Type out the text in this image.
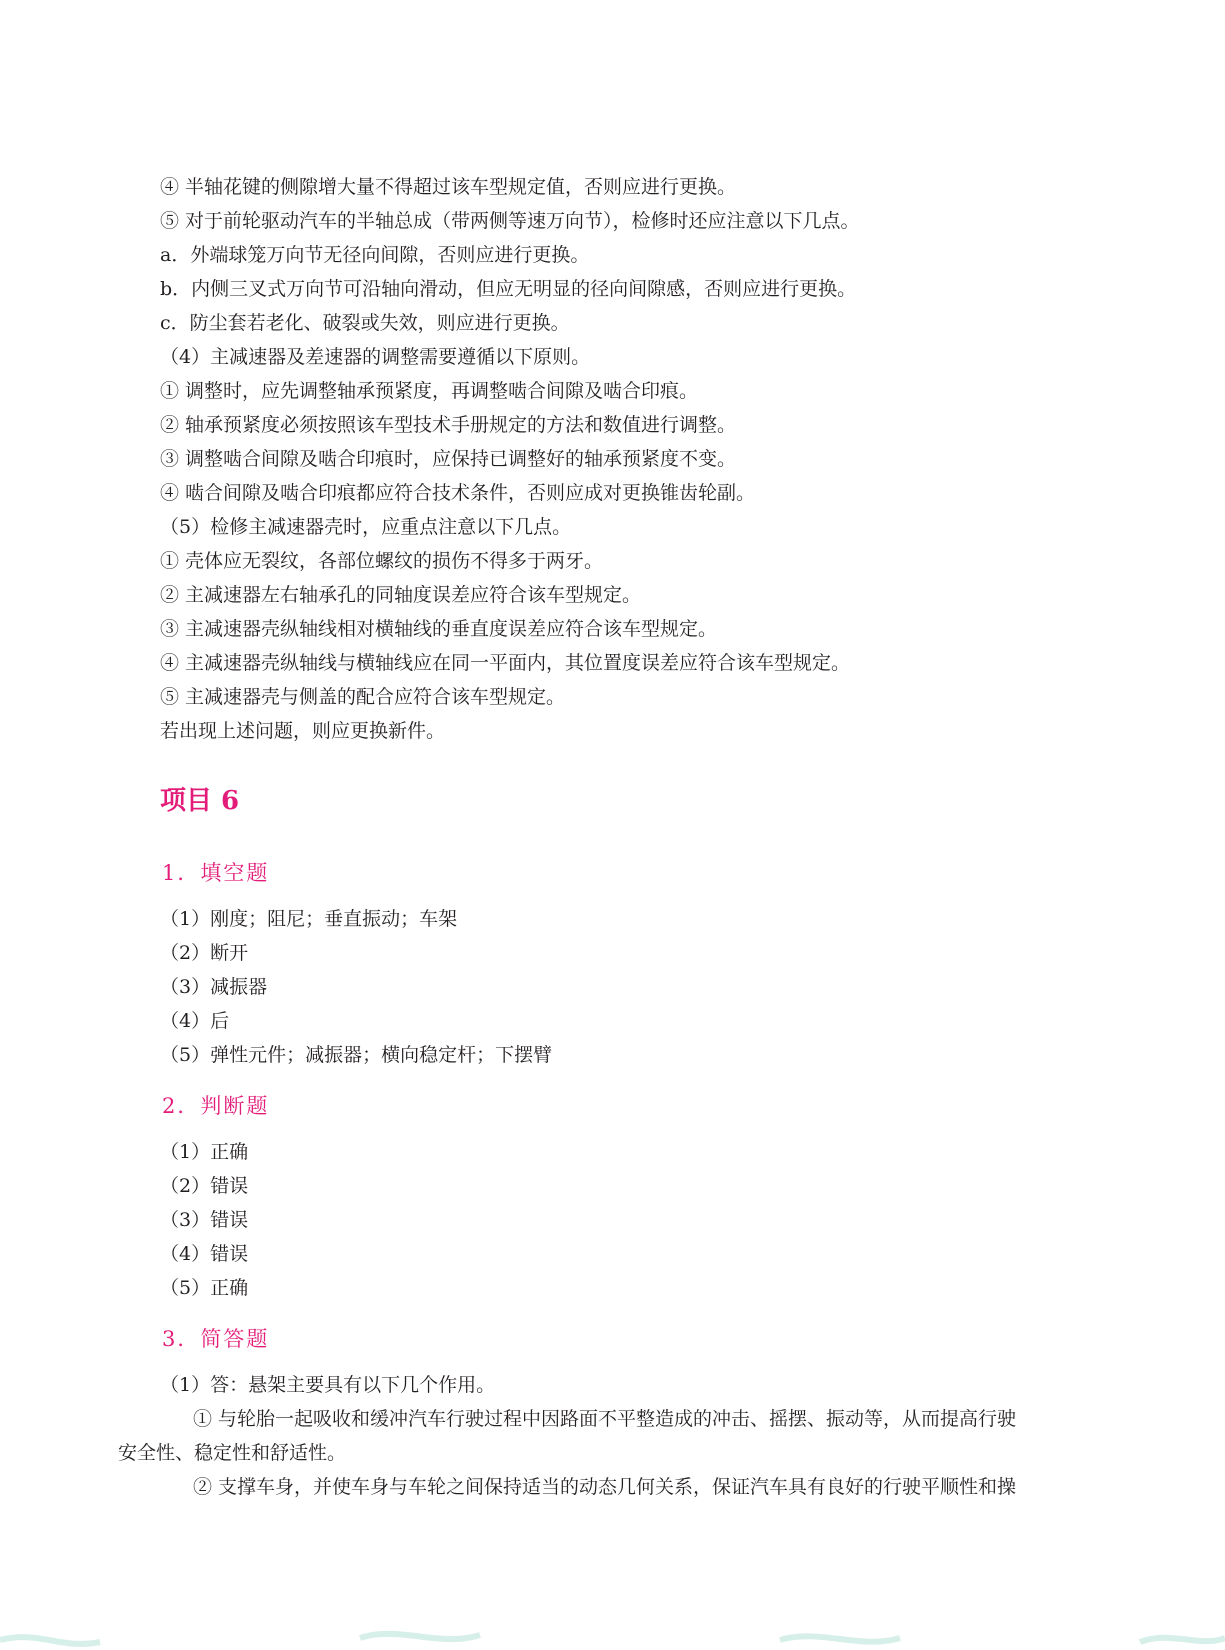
④ 半轴花键的侧隙增大量不得超过该车型规定值，否则应进行更换。
⑤ 对于前轮驱动汽车的半轴总成（带两侧等速万向节），检修时还应注意以下几点。
a．外端球笼万向节无径向间隙，否则应进行更换。
b．内侧三叉式万向节可沿轴向滑动，但应无明显的径向间隙感，否则应进行更换。
c．防尘套若老化、破裂或失效，则应进行更换。
（4）主减速器及差速器的调整需要遵循以下原则。
① 调整时，应先调整轴承预紧度，再调整啮合间隙及啮合印痕。
② 轴承预紧度必须按照该车型技术手册规定的方法和数值进行调整。
③ 调整啮合间隙及啮合印痕时，应保持已调整好的轴承预紧度不变。
④ 啮合间隙及啮合印痕都应符合技术条件，否则应成对更换锥齿轮副。
（5）检修主减速器壳时，应重点注意以下几点。
① 壳体应无裂纹，各部位螺纹的损伤不得多于两牙。
② 主减速器左右轴承孔的同轴度误差应符合该车型规定。
③ 主减速器壳纵轴线相对横轴线的垂直度误差应符合该车型规定。
④ 主减速器壳纵轴线与横轴线应在同一平面内，其位置度误差应符合该车型规定。
⑤ 主减速器壳与侧盖的配合应符合该车型规定。
若出现上述问题，则应更换新件。
项目 6
1．填空题
（1）刚度；阻尼；垂直振动；车架
（2）断开
（3）减振器
（4）后
（5）弹性元件；减振器；横向稳定杆；下摆臂
2．判断题
（1）正确
（2）错误
（3）错误
（4）错误
（5）正确
3．简答题
（1）答：悬架主要具有以下几个作用。
① 与轮胎一起吸收和缓冲汽车行驶过程中因路面不平整造成的冲击、摇摆、振动等，从而提高行驶
安全性、稳定性和舒适性。
② 支撑车身，并使车身与车轮之间保持适当的动态几何关系，保证汽车具有良好的行驶平顺性和操
